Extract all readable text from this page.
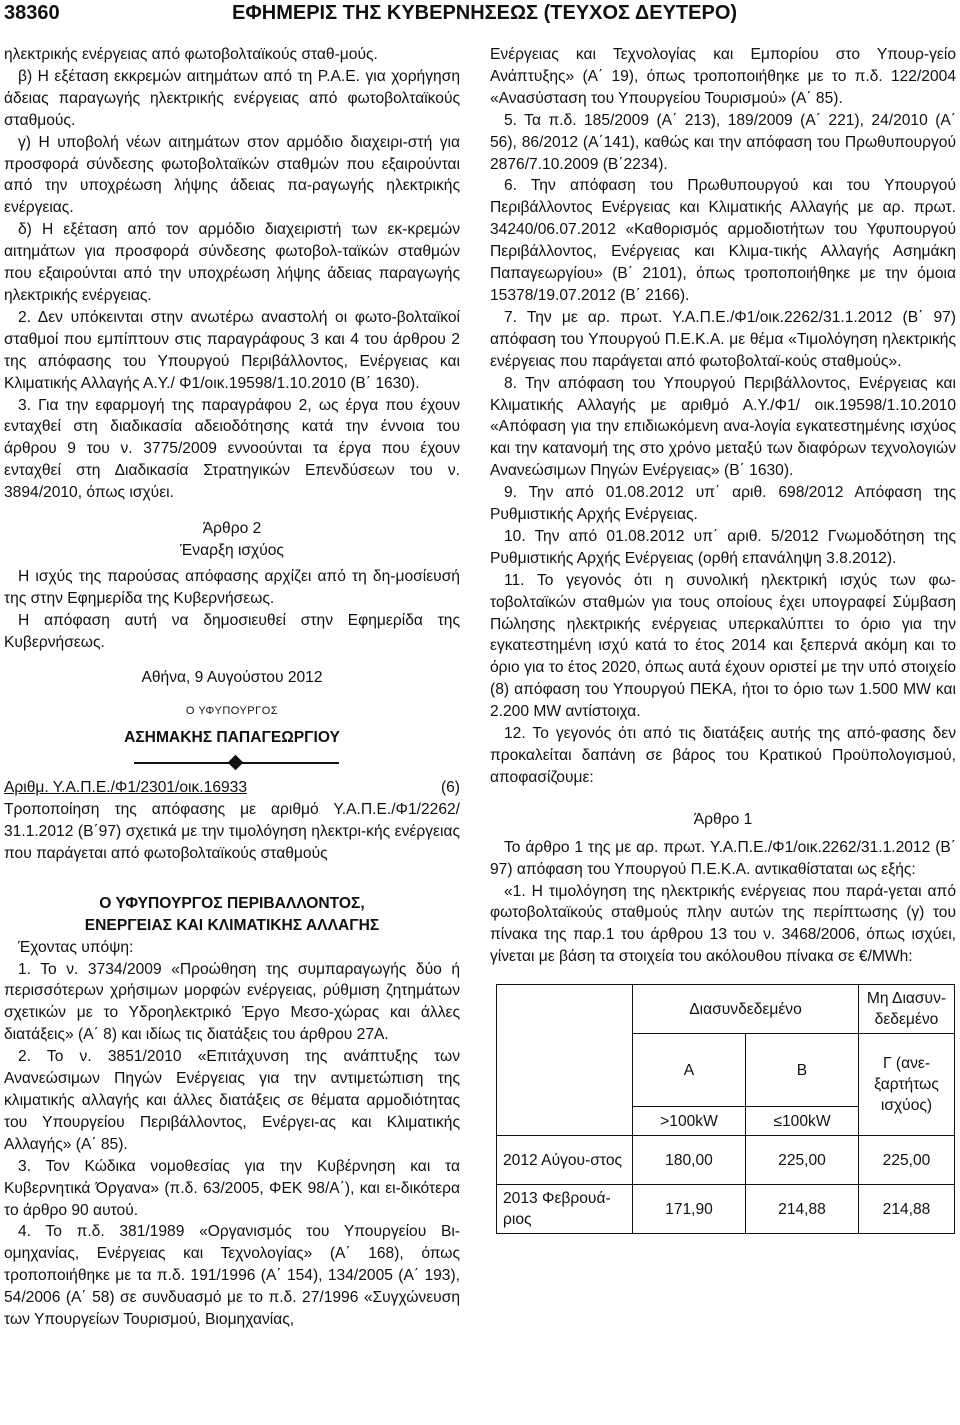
38360	ΕΦΗΜΕΡΙΣ ΤΗΣ ΚΥΒΕΡΝΗΣΕΩΣ (ΤΕΥΧΟΣ ΔΕΥΤΕΡΟ)

ηλεκτρικής ενέργειας από φωτοβολταϊκούς σταθ-μούς.

β) Η εξέταση εκκρεμών αιτημάτων από τη Ρ.Α.Ε. για χορήγηση άδειας παραγωγής ηλεκτρικής ενέργειας από φωτοβολταϊκούς σταθμούς.

γ) Η υποβολή νέων αιτημάτων στον αρμόδιο διαχειρι-στή για προσφορά σύνδεσης φωτοβολταϊκών σταθμών που εξαιρούνται από την υποχρέωση λήψης άδειας πα-ραγωγής ηλεκτρικής ενέργειας.

δ) Η εξέταση από τον αρμόδιο διαχειριστή των εκ-κρεμών αιτημάτων για προσφορά σύνδεσης φωτοβολ-ταϊκών σταθμών που εξαιρούνται από την υποχρέωση λήψης άδειας παραγωγής ηλεκτρικής ενέργειας.

2. Δεν υπόκεινται στην ανωτέρω αναστολή οι φωτο-βολταϊκοί σταθμοί που εμπίπτουν στις παραγράφους 3 και 4 του άρθρου 2 της απόφασης του Υπουργού Περιβάλλοντος, Ενέργειας και Κλιματικής Αλλαγής Α.Υ./ Φ1/οικ.19598/1.10.2010 (Β΄ 1630).

3. Για την εφαρμογή της παραγράφου 2, ως έργα που έχουν ενταχθεί στη διαδικασία αδειοδότησης κατά την έννοια του άρθρου 9 του ν. 3775/2009 εννοούνται τα έργα που έχουν ενταχθεί στη Διαδικασία Στρατηγικών Επενδύσεων του ν. 3894/2010, όπως ισχύει.

Άρθρο 2

Έναρξη ισχύος

Η ισχύς της παρούσας απόφασης αρχίζει από τη δη-μοσίευσή της στην Εφημερίδα της Κυβερνήσεως.

Η απόφαση αυτή να δημοσιευθεί στην Εφημερίδα της Κυβερνήσεως.

Αθήνα, 9 Αυγούστου 2012

Ο ΥΦΥΠΟΥΡΓΟΣ

ΑΣΗΜΑΚΗΣ ΠΑΠΑΓΕΩΡΓΙΟΥ

Αριθμ. Υ.Α.Π.Ε./Φ1/2301/οικ.16933	(6)

Τροποποίηση της απόφασης με αριθμό Υ.Α.Π.Ε./Φ1/2262/ 31.1.2012 (Β΄97) σχετικά με την τιμολόγηση ηλεκτρι-κής ενέργειας που παράγεται από φωτοβολταϊκούς σταθμούς

Ο ΥΦΥΠΟΥΡΓΟΣ ΠΕΡΙΒΑΛΛΟΝΤΟΣ,

ΕΝΕΡΓΕΙΑΣ ΚΑΙ ΚΛΙΜΑΤΙΚΗΣ ΑΛΛΑΓΗΣ

Έχοντας υπόψη:

1. Το ν. 3734/2009 «Προώθηση της συμπαραγωγής δύο ή περισσότερων χρήσιμων μορφών ενέργειας, ρύθμιση ζητημάτων σχετικών με το Υδροηλεκτρικό Έργο Μεσο-χώρας και άλλες διατάξεις» (Α΄ 8) και ιδίως τις διατάξεις του άρθρου 27Α.

2. Το ν. 3851/2010 «Επιτάχυνση της ανάπτυξης των Ανανεώσιμων Πηγών Ενέργειας για την αντιμετώπιση της κλιματικής αλλαγής και άλλες διατάξεις σε θέματα αρμοδιότητας του Υπουργείου Περιβάλλοντος, Ενέργει-ας και Κλιματικής Αλλαγής» (Α΄ 85).

3. Τον Κώδικα νομοθεσίας για την Κυβέρνηση και τα Κυβερνητικά Όργανα» (π.δ. 63/2005, ΦΕΚ 98/Α΄), και ει-δικότερα το άρθρο 90 αυτού.

4. Το π.δ. 381/1989 «Οργανισμός του Υπουργείου Βι-ομηχανίας, Ενέργειας και Τεχνολογίας» (Α΄ 168), όπως τροποποιήθηκε με τα π.δ. 191/1996 (Α΄ 154), 134/2005 (Α΄ 193), 54/2006 (Α΄ 58) σε συνδυασμό με το π.δ. 27/1996 «Συγχώνευση των Υπουργείων Τουρισμού, Βιομηχανίας,

Ενέργειας και Τεχνολογίας και Εμπορίου στο Υπουρ-γείο Ανάπτυξης» (Α΄ 19), όπως τροποποιήθηκε με το π.δ. 122/2004 «Ανασύσταση του Υπουργείου Τουρισμού» (Α΄ 85).

5. Τα π.δ. 185/2009 (Α΄ 213), 189/2009 (Α΄ 221), 24/2010 (Α΄ 56), 86/2012 (Α΄141), καθώς και την απόφαση του Πρωθυπουργού 2876/7.10.2009 (Β΄2234).

6. Την απόφαση του Πρωθυπουργού και του Υπουργού Περιβάλλοντος Ενέργειας και Κλιματικής Αλλαγής με αρ. πρωτ. 34240/06.07.2012 «Καθορισμός αρμοδιοτήτων του Υφυπουργού Περιβάλλοντος, Ενέργειας και Κλιμα-τικής Αλλαγής Ασημάκη Παπαγεωργίου» (Β΄ 2101), όπως τροποποιήθηκε με την όμοια 15378/19.07.2012 (Β΄ 2166).

7. Την με αρ. πρωτ. Υ.Α.Π.Ε./Φ1/οικ.2262/31.1.2012 (Β΄ 97) απόφαση του Υπουργού Π.Ε.Κ.Α. με θέμα «Τιμολόγηση ηλεκτρικής ενέργειας που παράγεται από φωτοβολταϊ-κούς σταθμούς».

8. Την απόφαση του Υπουργού Περιβάλλοντος, Ενέργειας και Κλιματικής Αλλαγής με αριθμό Α.Υ./Φ1/ οικ.19598/1.10.2010 «Απόφαση για την επιδιωκόμενη ανα-λογία εγκατεστημένης ισχύος και την κατανομή της στο χρόνο μεταξύ των διαφόρων τεχνολογιών Ανανεώσιμων Πηγών Ενέργειας» (Β΄ 1630).

9. Την από 01.08.2012 υπ΄ αριθ. 698/2012 Απόφαση της Ρυθμιστικής Αρχής Ενέργειας.

10. Την από 01.08.2012 υπ΄ αριθ. 5/2012 Γνωμοδότηση της Ρυθμιστικής Αρχής Ενέργειας (ορθή επανάληψη 3.8.2012).

11. Το γεγονός ότι η συνολική ηλεκτρική ισχύς των φω-τοβολταϊκών σταθμών για τους οποίους έχει υπογραφεί Σύμβαση Πώλησης ηλεκτρικής ενέργειας υπερκαλύπτει το όριο για την εγκατεστημένη ισχύ κατά το έτος 2014 και ξεπερνά ακόμη και το όριο για το έτος 2020, όπως αυτά έχουν οριστεί με την υπό στοιχείο (8) απόφαση του Υπουργού ΠΕΚΑ, ήτοι το όριο των 1.500 MW και 2.200 MW αντίστοιχα.

12. Το γεγονός ότι από τις διατάξεις αυτής της από-φασης δεν προκαλείται δαπάνη σε βάρος του Κρατικού Προϋπολογισμού, αποφασίζουμε:

Άρθρο 1

Το άρθρο 1 της με αρ. πρωτ. Υ.Α.Π.Ε./Φ1/οικ.2262/31.1.2012 (Β΄ 97) απόφαση του Υπουργού Π.Ε.Κ.Α. αντικαθίσταται ως εξής:

«1. Η τιμολόγηση της ηλεκτρικής ενέργειας που παρά-γεται από φωτοβολταϊκούς σταθμούς πλην αυτών της περίπτωσης (γ) του πίνακα της παρ.1 του άρθρου 13 του ν. 3468/2006, όπως ισχύει, γίνεται με βάση τα στοιχεία του ακόλουθου πίνακα σε €/MWh:

	Διασυνδεδεμένο		Μη Διασυν-δεδεμένο
	Α	Β	Γ (ανε-ξαρτήτως ισχύος)
	>100kW	≤100kW	
2012 Αύγου-στος	180,00	225,00	225,00
2013 Φεβρουά-ριος	171,90	214,88	214,88
